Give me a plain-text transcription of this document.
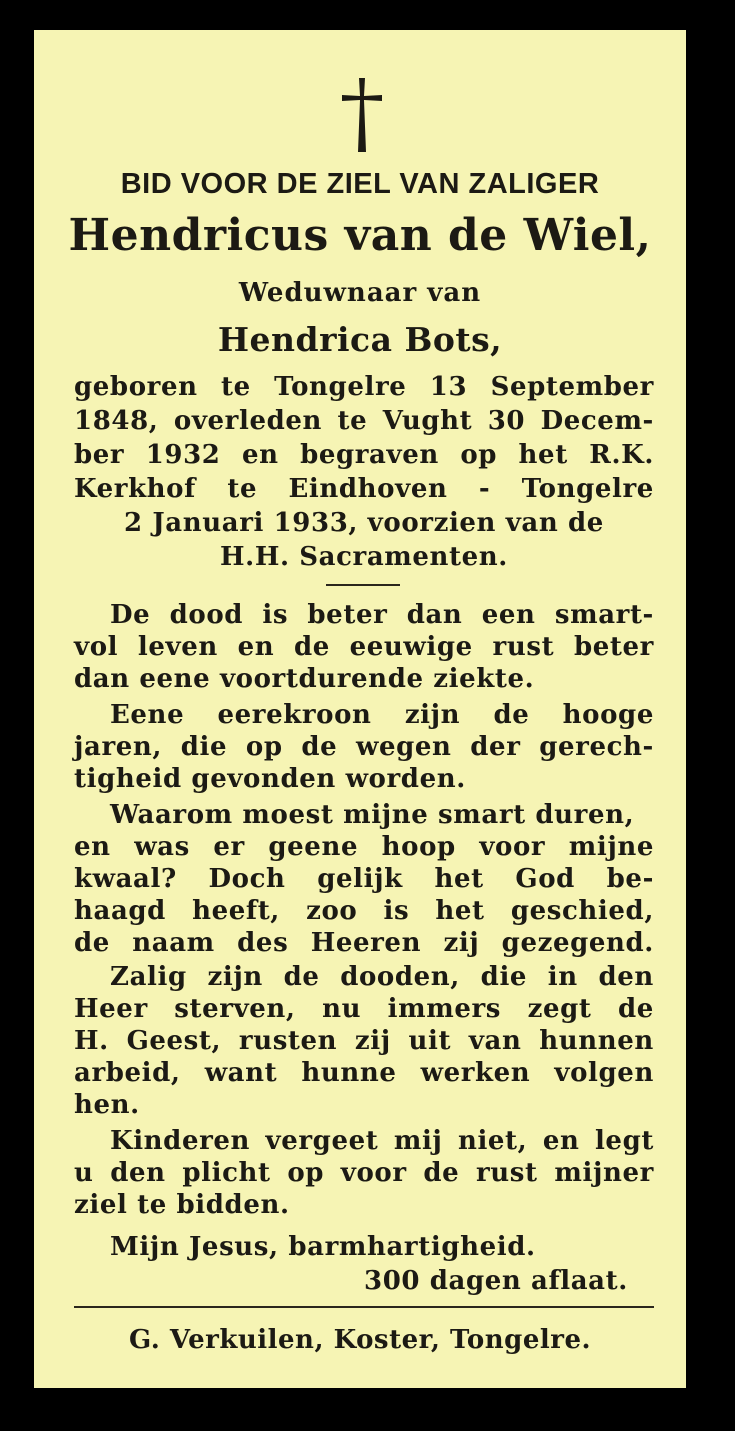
BID VOOR DE ZIEL VAN ZALIGER
Hendricus van de Wiel,
Weduwnaar van
Hendrica Bots,
geboren te Tongelre 13 September
1848, overleden te Vught 30 Decem-
ber 1932 en begraven op het R.K.
Kerkhof te Eindhoven - Tongelre
2 Januari 1933, voorzien van de
H.H. Sacramenten.
De dood is beter dan een smart-
vol leven en de eeuwige rust beter
dan eene voortdurende ziekte.
Eene eerekroon zijn de hooge
jaren, die op de wegen der gerech-
tigheid gevonden worden.
Waarom moest mijne smart duren,
en was er geene hoop voor mijne
kwaal? Doch gelijk het God be-
haagd heeft, zoo is het geschied,
de naam des Heeren zij gezegend.
Zalig zijn de dooden, die in den
Heer sterven, nu immers zegt de
H. Geest, rusten zij uit van hunnen
arbeid, want hunne werken volgen
hen.
Kinderen vergeet mij niet, en legt
u den plicht op voor de rust mijner
ziel te bidden.
Mijn Jesus, barmhartigheid.
300 dagen aflaat.
G. Verkuilen, Koster, Tongelre.
